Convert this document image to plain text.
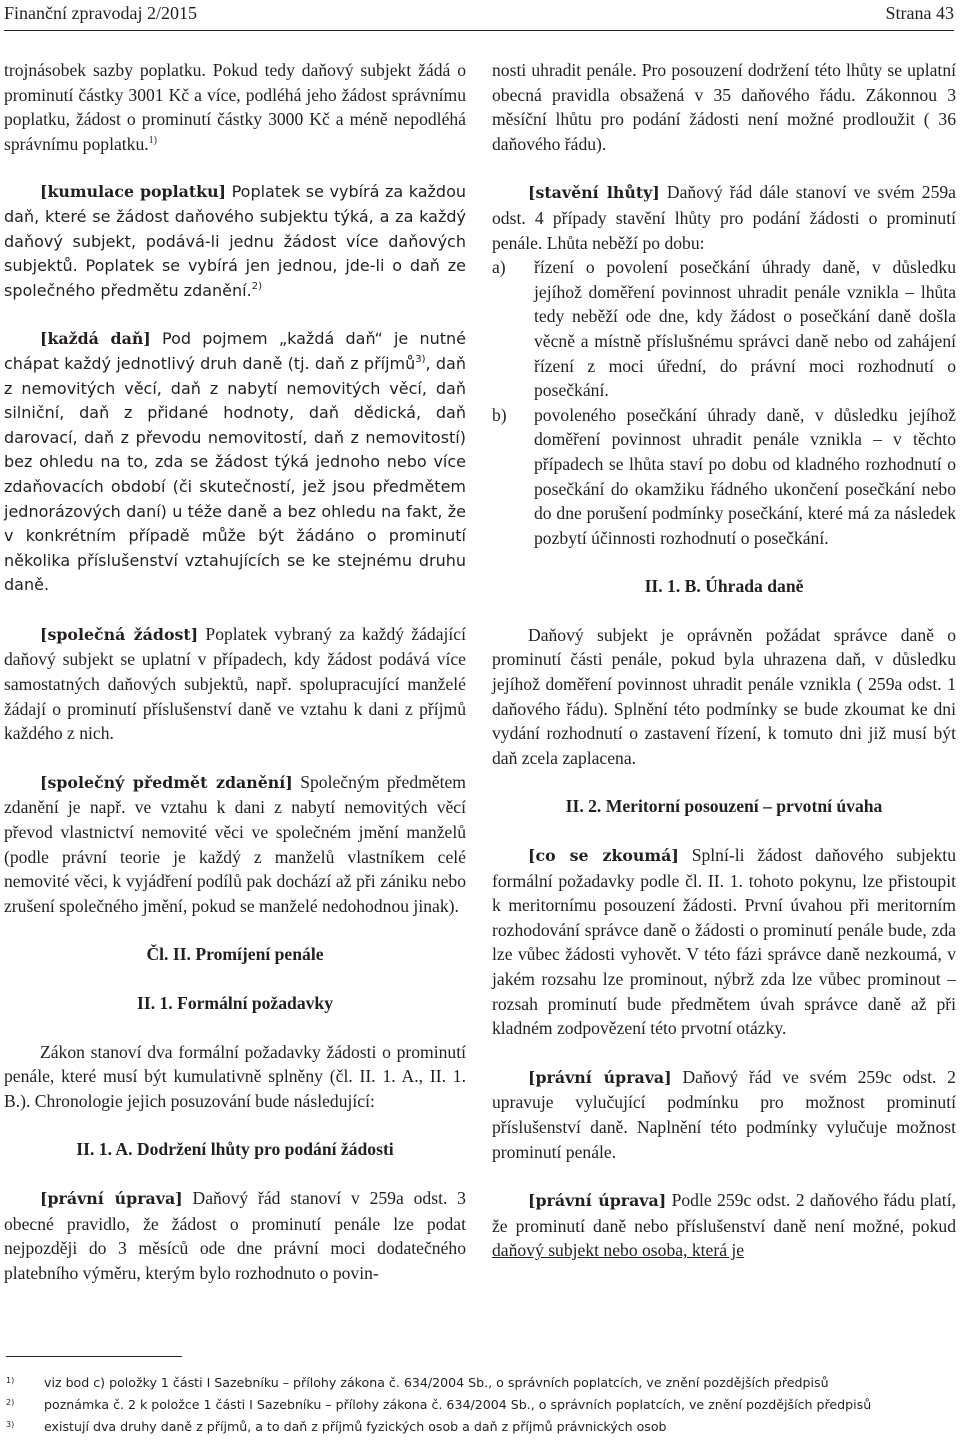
Finanční zpravodaj 2/2015	Strana 43

trojnásobek sazby poplatku. Pokud tedy daňový subjekt žádá o prominutí částky 3001 Kč a více, podléhá jeho žádost správnímu poplatku, žádost o prominutí částky 3000 Kč a méně nepodléhá správnímu poplatku.$^{1)}$

[kumulace poplatku] Poplatek se vybírá za každou daň, které se žádost daňového subjektu týká, a za každý daňový subjekt, podává-li jednu žádost více daňových subjektů. Poplatek se vybírá jen jednou, jde-li o daň ze společného předmětu zdanění.$^{2)}$

[každá daň] Pod pojmem „každá daň“ je nutné chápat každý jednotlivý druh daně (tj. daň z příjmů$^{3)}$, daň z nemovitých věcí, daň z nabytí nemovitých věcí, daň silniční, daň z přidané hodnoty, daň dědická, daň darovací, daň z převodu nemovitostí, daň z nemovitostí) bez ohledu na to, zda se žádost týká jednoho nebo více zdaňovacích období (či skutečností, jež jsou předmětem jednorázových daní) u téže daně a bez ohledu na fakt, že v konkrétním případě může být žádáno o prominutí několika příslušenství vztahujících se ke stejnému druhu daně.

[společná žádost] Poplatek vybraný za každý žádající daňový subjekt se uplatní v případech, kdy žádost podává více samostatných daňových subjektů, např. spolupracující manželé žádají o prominutí příslušenství daně ve vztahu k dani z příjmů každého z nich.

[společný předmět zdanění] Společným předmětem zdanění je např. ve vztahu k dani z nabytí nemovitých věcí převod vlastnictví nemovité věci ve společném jmění manželů (podle právní teorie je každý z manželů vlastníkem celé nemovité věci, k vyjádření podílů pak dochází až při zániku nebo zrušení společného jmění, pokud se manželé nedohodnou jinak).

Čl. II. Promíjení penále
II. 1. Formální požadavky

Zákon stanoví dva formální požadavky žádosti o prominutí penále, které musí být kumulativně splněny (čl. II. 1. A., II. 1. B.). Chronologie jejich posuzování bude následující:

II. 1. A. Dodržení lhůty pro podání žádosti

[právní úprava] Daňový řád stanoví v 259a odst. 3 obecné pravidlo, že žádost o prominutí penále lze podat nejpozději do 3 měsíců ode dne právní moci dodatečného platebního výměru, kterým bylo rozhodnuto o povin-

nosti uhradit penále. Pro posouzení dodržení této lhůty se uplatní obecná pravidla obsažená v 35 daňového řádu. Zákonnou 3 měsíční lhůtu pro podání žádosti není možné prodloužit ( 36 daňového řádu).

[stavění lhůty] Daňový řád dále stanoví ve svém 259a odst. 4 případy stavění lhůty pro podání žádosti o prominutí penále. Lhůta neběží po dobu:

a) řízení o povolení posečkání úhrady daně, v důsledku jejíhož doměření povinnost uhradit penále vznikla – lhůta tedy neběží ode dne, kdy žádost o posečkání daně došla věcně a místně příslušnému správci daně nebo od zahájení řízení z moci úřední, do právní moci rozhodnutí o posečkání.
b) povoleného posečkání úhrady daně, v důsledku jejíhož doměření povinnost uhradit penále vznikla – v těchto případech se lhůta staví po dobu od kladného rozhodnutí o posečkání do okamžiku řádného ukončení posečkání nebo do dne porušení podmínky posečkání, které má za následek pozbytí účinnosti rozhodnutí o posečkání.
II. 1. B. Úhrada daně

Daňový subjekt je oprávněn požádat správce daně o prominutí části penále, pokud byla uhrazena daň, v důsledku jejíhož doměření povinnost uhradit penále vznikla ( 259a odst. 1 daňového řádu). Splnění této podmínky se bude zkoumat ke dni vydání rozhodnutí o zastavení řízení, k tomuto dni již musí být daň zcela zaplacena.

II. 2. Meritorní posouzení – prvotní úvaha

[co se zkoumá] Splní-li žádost daňového subjektu formální požadavky podle čl. II. 1. tohoto pokynu, lze přistoupit k meritornímu posouzení žádosti. První úvahou při meritorním rozhodování správce daně o žádosti o prominutí penále bude, zda lze vůbec žádosti vyhovět. V této fázi správce daně nezkoumá, v jakém rozsahu lze prominout, nýbrž zda lze vůbec prominout – rozsah prominutí bude předmětem úvah správce daně až při kladném zodpovězení této prvotní otázky.

[právní úprava] Daňový řád ve svém 259c odst. 2 upravuje vylučující podmínku pro možnost prominutí příslušenství daně. Naplnění této podmínky vylučuje možnost prominutí penále.

[právní úprava] Podle 259c odst. 2 daňového řádu platí, že prominutí daně nebo příslušenství daně není možné, pokud daňový subjekt nebo osoba, která je

1) viz bod c) položky 1 části I Sazebníku – přílohy zákona č. 634/2004 Sb., o správních poplatcích, ve znění pozdějších předpisů
2) poznámka č. 2 k položce 1 části I Sazebníku – přílohy zákona č. 634/2004 Sb., o správních poplatcích, ve znění pozdějších předpisů
3) existují dva druhy daně z příjmů, a to daň z příjmů fyzických osob a daň z příjmů právnických osob
